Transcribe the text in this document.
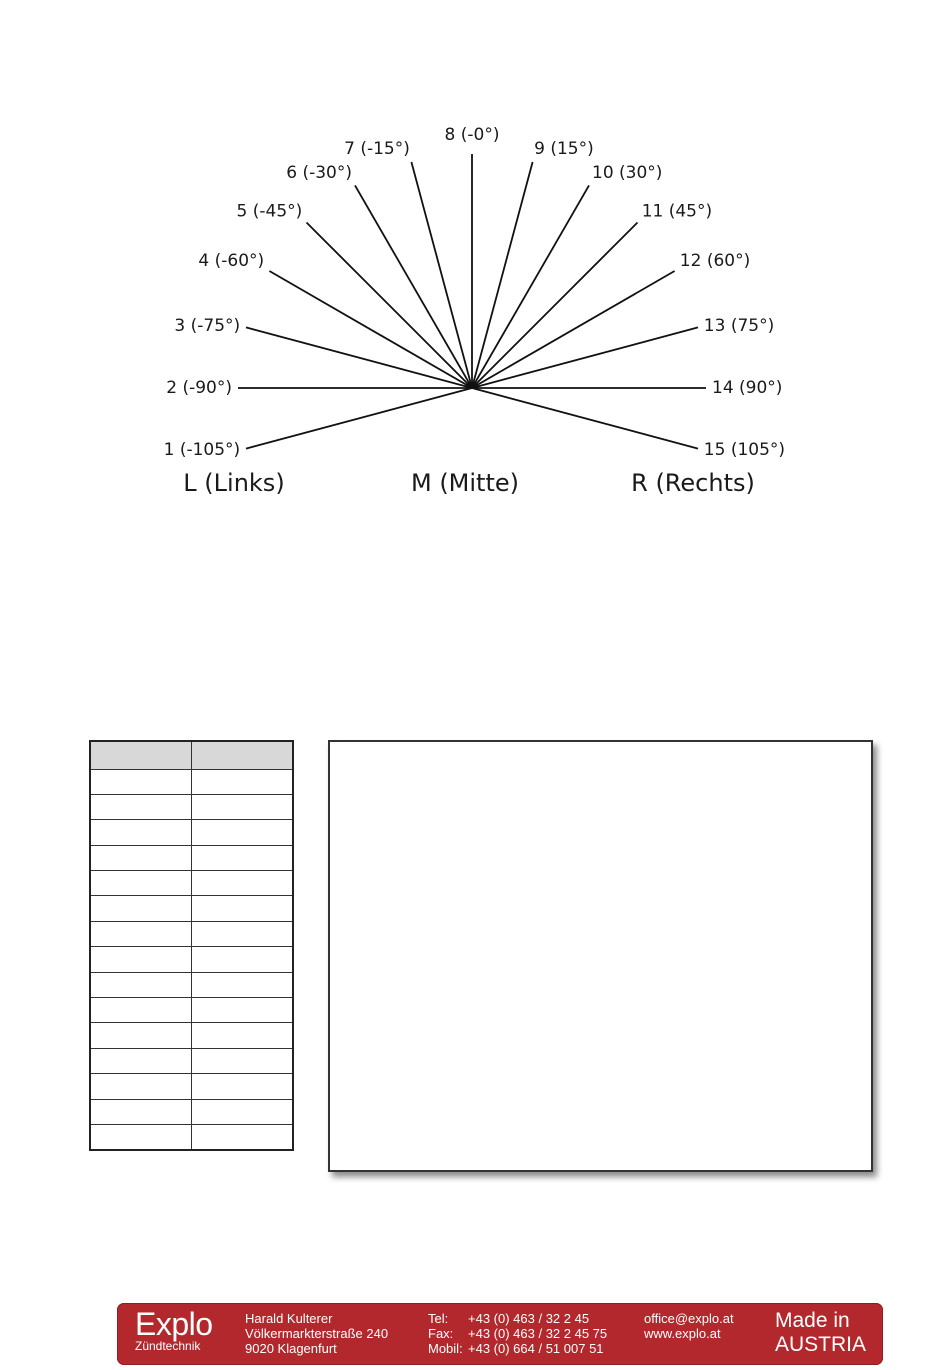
1 (-105°)
2 (-90°)
3 (-75°)
4 (-60°)
5 (-45°)
6 (-30°)
7 (-15°)
8 (-0°)
9 (15°)
10 (30°)
11 (45°)
12 (60°)
13 (75°)
14 (90°)
15 (105°)
L (Links)	M (Mitte)	R (Rechts)

Explo
Zündtechnik
Harald Kulterer
Völkermarkterstraße 240
9020 Klagenfurt
Tel: +43 (0) 463 / 32 2 45
Fax: +43 (0) 463 / 32 2 45 75
Mobil: +43 (0) 664 / 51 007 51
office@explo.at
www.explo.at
Made in
AUSTRIA
